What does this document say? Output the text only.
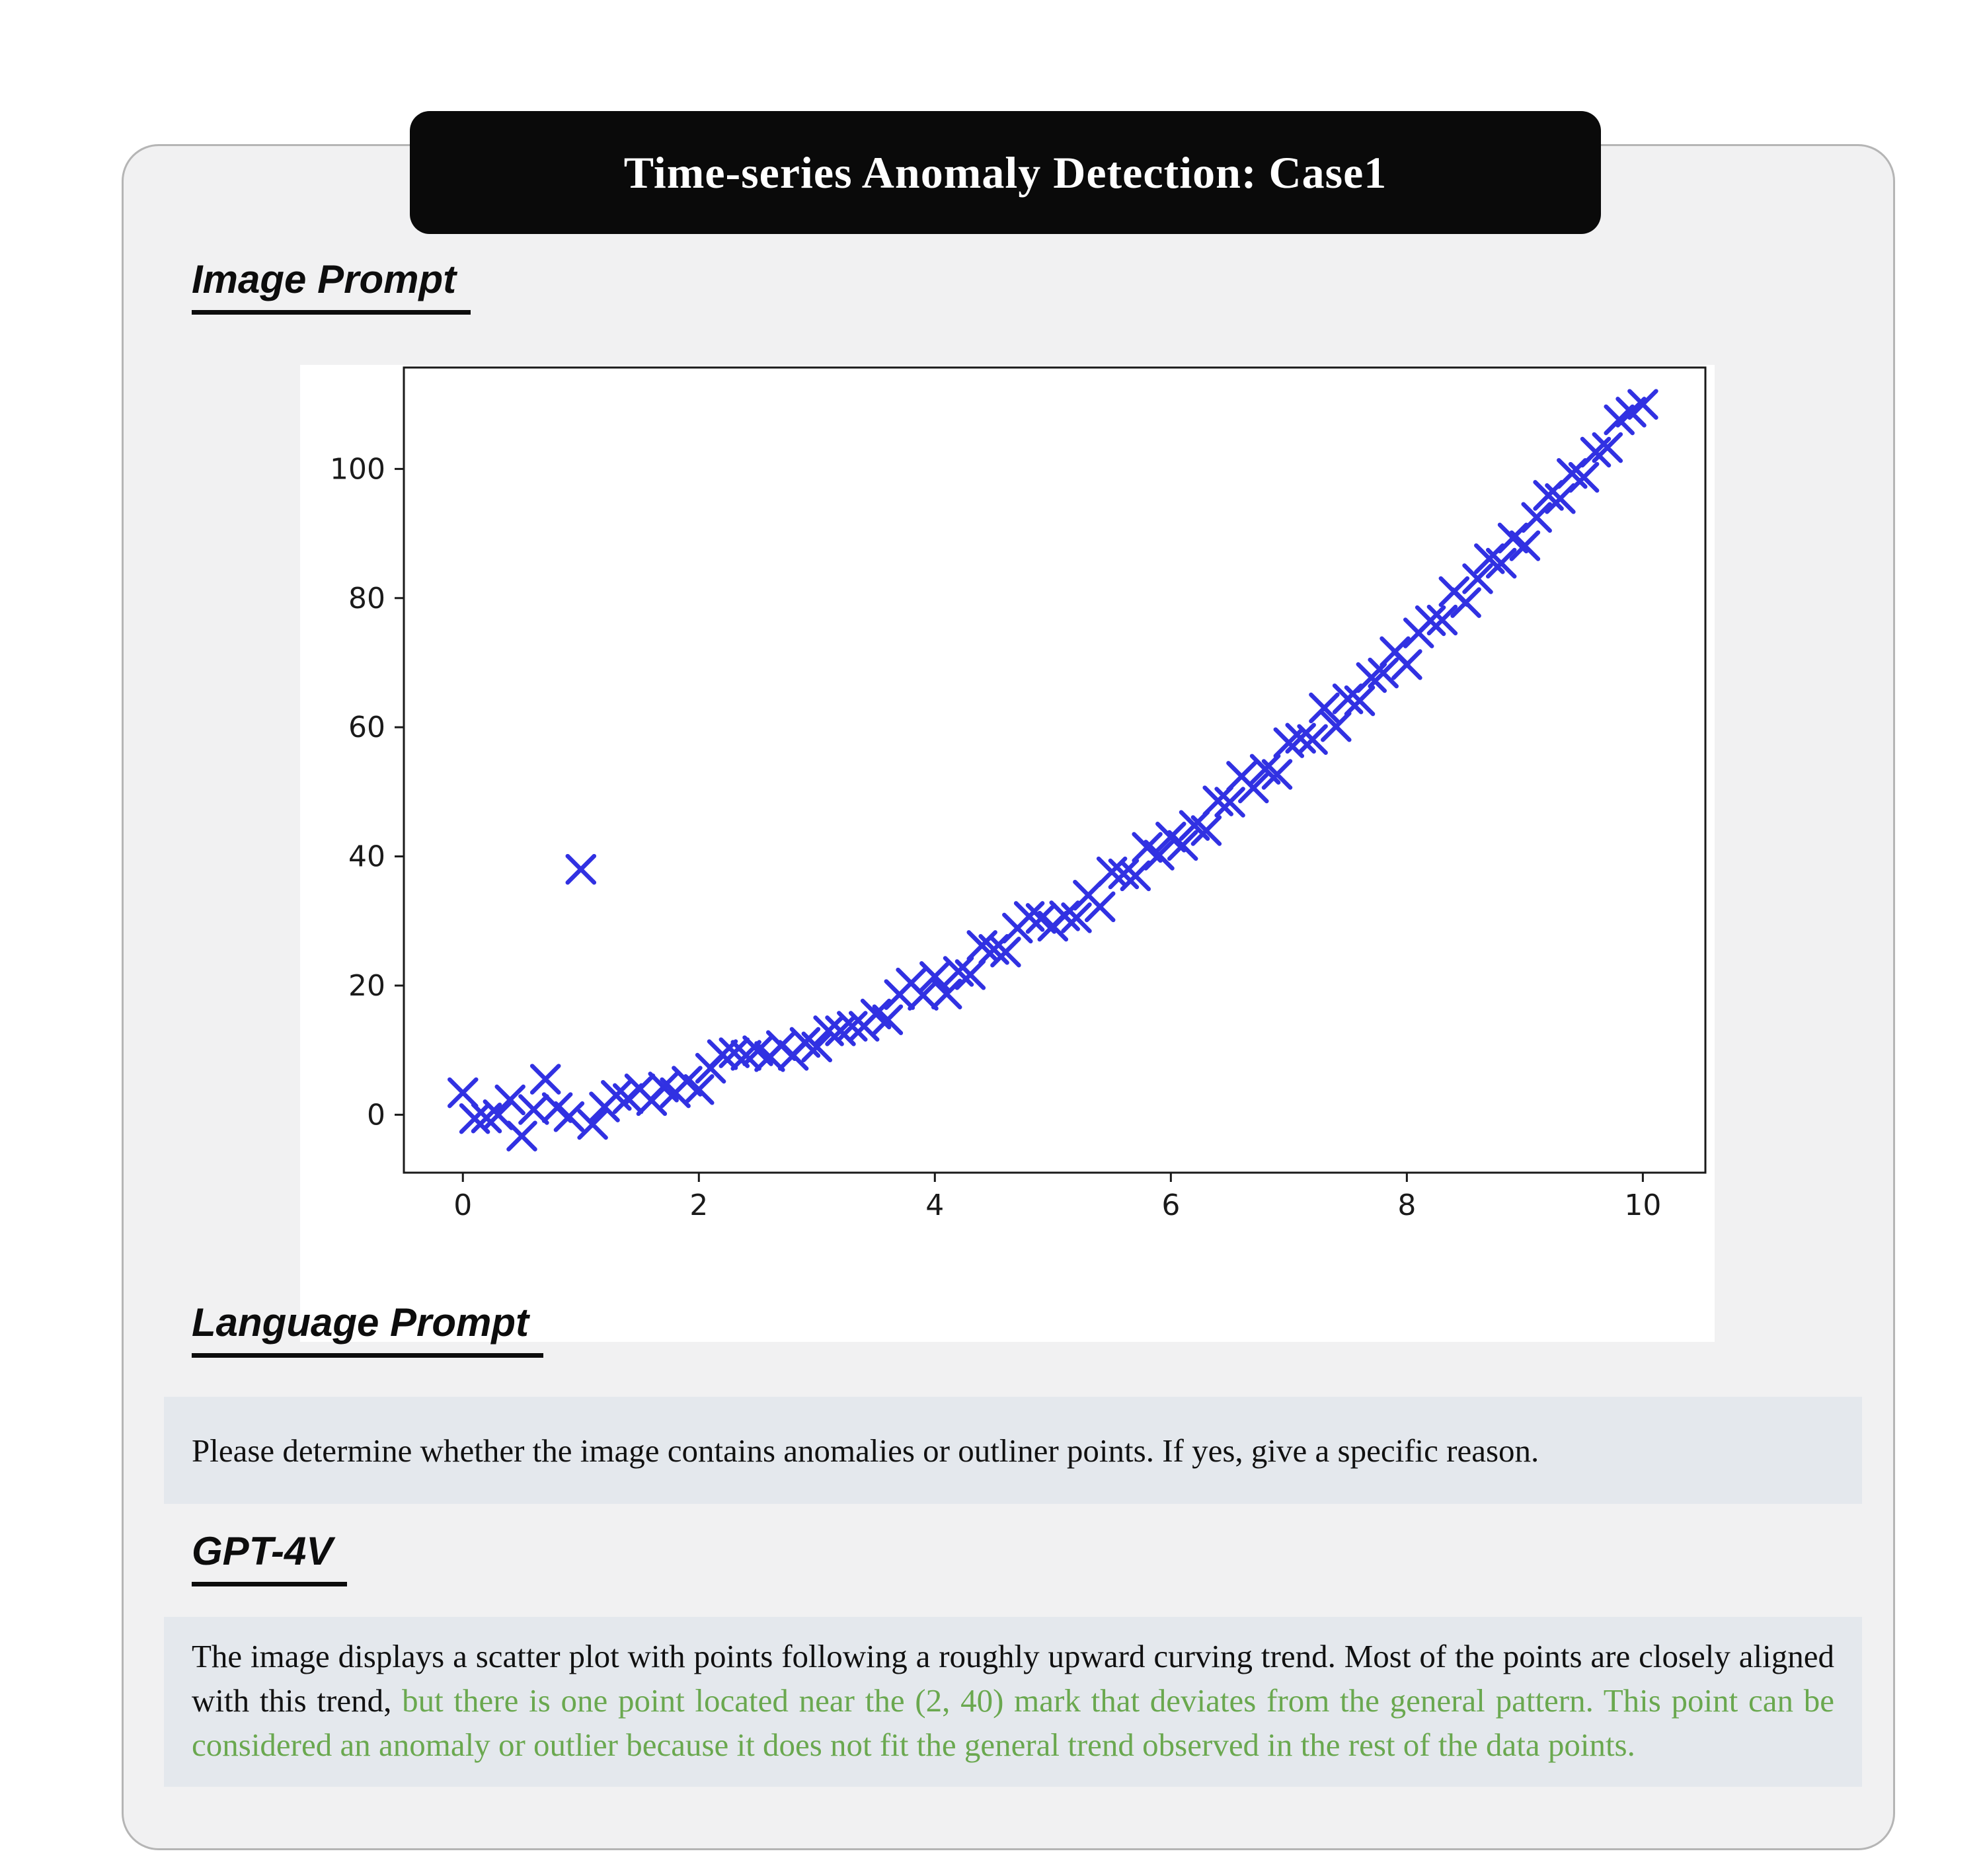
Time-series Anomaly Detection: Case1
Image Prompt
0	2	4	6	8	10
0
20
40
60
80
100
Language Prompt
Please determine whether the image contains anomalies or outliner points. If yes, give a specific reason.
GPT-4V
The image displays a scatter plot with points following a roughly upward curving trend. Most of the points are closely aligned with this trend, but there is one point located near the (2, 40) mark that deviates from the general pattern. This point can be considered an anomaly or outlier because it does not fit the general trend observed in the rest of the data points.
